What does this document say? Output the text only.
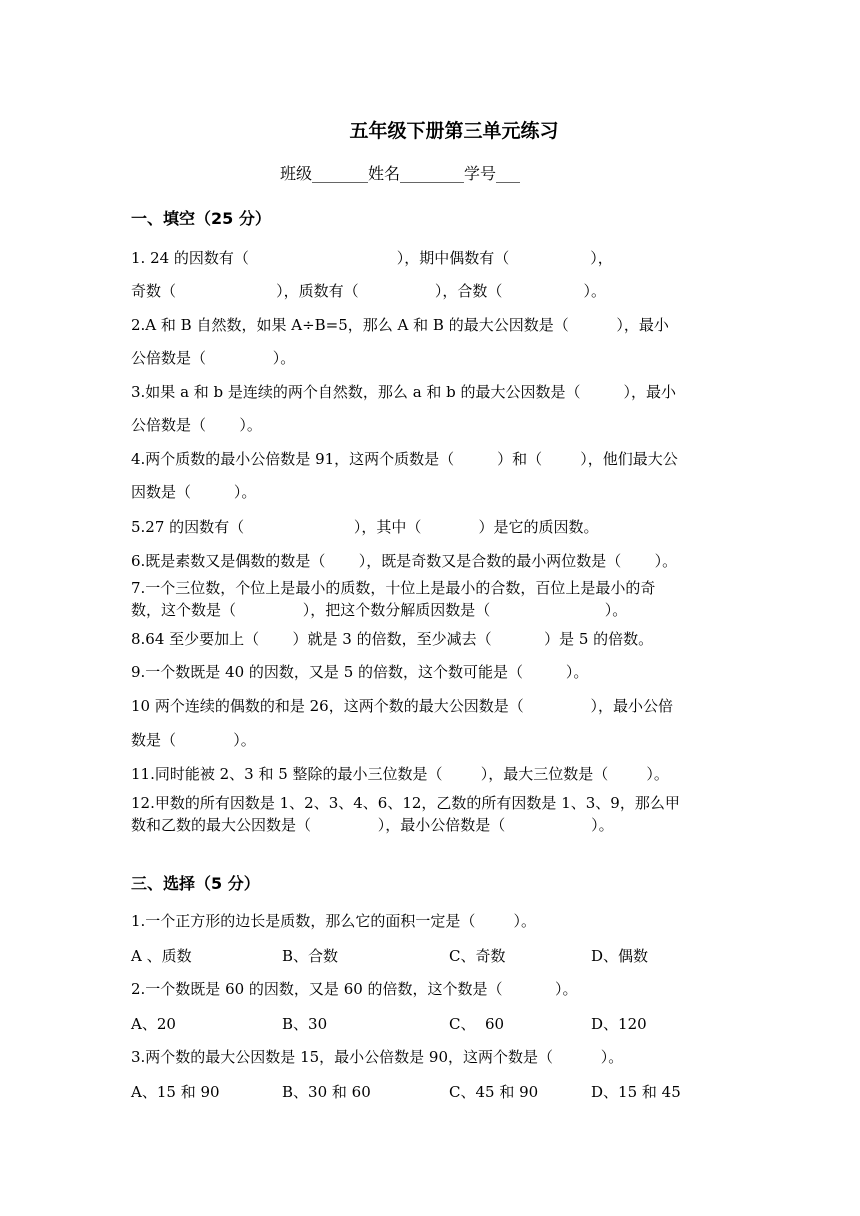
五年级下册第三单元练习
班级_______姓名________学号___
一、填空（25 分）
1. 24 的因数有（                               ），期中偶数有（                 ），
奇数（                     ），质数有（                ），合数（                 ）。
2.A 和 B 自然数，如果 A÷B=5，那么 A 和 B 的最大公因数是（          ），最小
公倍数是（              ）。
3.如果 a 和 b 是连续的两个自然数，那么 a 和 b 的最大公因数是（         ），最小
公倍数是（       ）。
4.两个质数的最小公倍数是 91，这两个质数是（         ）和（        ），他们最大公
因数是（         ）。
5.27 的因数有（                       ），其中（            ）是它的质因数。
6.既是素数又是偶数的数是（       ），既是奇数又是合数的最小两位数是（       ）。
7.一个三位数，个位上是最小的质数，十位上是最小的合数，百位上是最小的奇
数，这个数是（              ），把这个数分解质因数是（                        ）。
8.64 至少要加上（       ）就是 3 的倍数，至少减去（           ）是 5 的倍数。
9.一个数既是 40 的因数，又是 5 的倍数，这个数可能是（         ）。
10 两个连续的偶数的和是 26，这两个数的最大公因数是（              ），最小公倍
数是（            ）。
11.同时能被 2、3 和 5 整除的最小三位数是（        ），最大三位数是（        ）。
12.甲数的所有因数是 1、2、3、4、6、12，乙数的所有因数是 1、3、9，那么甲
数和乙数的最大公因数是（              ），最小公倍数是（                  ）。
三、选择（5 分）
1.一个正方形的边长是质数，那么它的面积一定是（        ）。
A 、质数	B、合数	C、奇数	D、偶数
2.一个数既是 60 的因数，又是 60 的倍数，这个数是（           ）。
A、20	B、30	C、  60	D、120
3.两个数的最大公因数是 15，最小公倍数是 90，这两个数是（          ）。
A、15 和 90	B、30 和 60	C、45 和 90	D、15 和 45
